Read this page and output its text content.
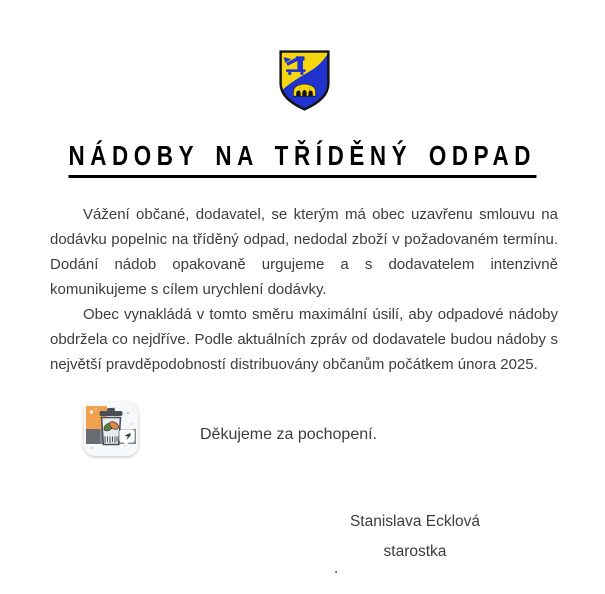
NÁDOBY NA TŘÍDĚNÝ ODPAD

Vážení občané, dodavatel, se kterým má obec uzavřenu smlouvu na dodávku popelnic na tříděný odpad, nedodal zboží v požadovaném termínu. Dodání nádob opakovaně urgujeme a s dodavatelem intenzivně komunikujeme s cílem urychlení dodávky.

Obec vynakládá v tomto směru maximální úsilí, aby odpadové nádoby obdržela co nejdříve. Podle aktuálních zpráv od dodavatele budou nádoby s největší pravděpodobností distribuovány občanům počátkem února 2025.

Děkujeme za pochopení.
Stanislava Ecklová
starostka
.
